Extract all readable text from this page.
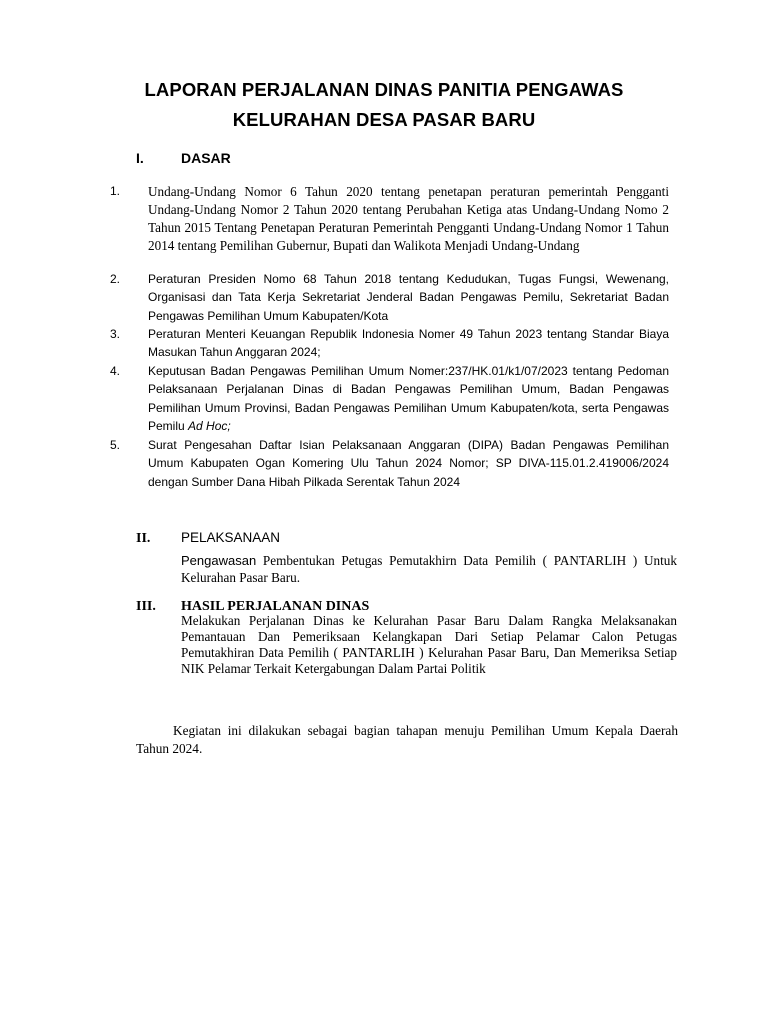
LAPORAN PERJALANAN DINAS PANITIA PENGAWAS
KELURAHAN DESA PASAR BARU
I.	DASAR
1. Undang-Undang Nomor 6 Tahun 2020 tentang penetapan peraturan pemerintah Pengganti Undang-Undang Nomor 2 Tahun 2020 tentang Perubahan Ketiga atas Undang-Undang Nomo 2 Tahun 2015 Tentang Penetapan Peraturan Pemerintah Pengganti Undang-Undang Nomor 1 Tahun 2014 tentang Pemilihan Gubernur, Bupati dan Walikota Menjadi Undang-Undang
2. Peraturan Presiden Nomo 68 Tahun 2018 tentang Kedudukan, Tugas Fungsi, Wewenang, Organisasi dan Tata Kerja Sekretariat Jenderal Badan Pengawas Pemilu, Sekretariat Badan Pengawas Pemilihan Umum Kabupaten/Kota
3. Peraturan Menteri Keuangan Republik Indonesia Nomer 49 Tahun 2023 tentang Standar Biaya Masukan Tahun Anggaran 2024;
4. Keputusan Badan Pengawas Pemilihan Umum Nomer:237/HK.01/k1/07/2023 tentang Pedoman Pelaksanaan Perjalanan Dinas di Badan Pengawas Pemilihan Umum, Badan Pengawas Pemilihan Umum Provinsi, Badan Pengawas Pemilihan Umum Kabupaten/kota, serta Pengawas Pemilu Ad Hoc;
5. Surat Pengesahan Daftar Isian Pelaksanaan Anggaran (DIPA) Badan Pengawas Pemilihan Umum Kabupaten Ogan Komering Ulu Tahun 2024 Nomor; SP DIVA-115.01.2.419006/2024 dengan Sumber Dana Hibah Pilkada Serentak Tahun 2024
II. PELAKSANAAN
Pengawasan Pembentukan Petugas Pemutakhirn Data Pemilih ( PANTARLIH ) Untuk Kelurahan Pasar Baru.
III. HASIL PERJALANAN DINAS
Melakukan Perjalanan Dinas ke Kelurahan Pasar Baru Dalam Rangka Melaksanakan Pemantauan Dan Pemeriksaan Kelangkapan Dari Setiap Pelamar Calon Petugas Pemutakhiran Data Pemilih ( PANTARLIH ) Kelurahan Pasar Baru, Dan Memeriksa Setiap NIK Pelamar Terkait Ketergabungan Dalam Partai Politik
Kegiatan ini dilakukan sebagai bagian tahapan menuju Pemilihan Umum Kepala Daerah Tahun 2024.
